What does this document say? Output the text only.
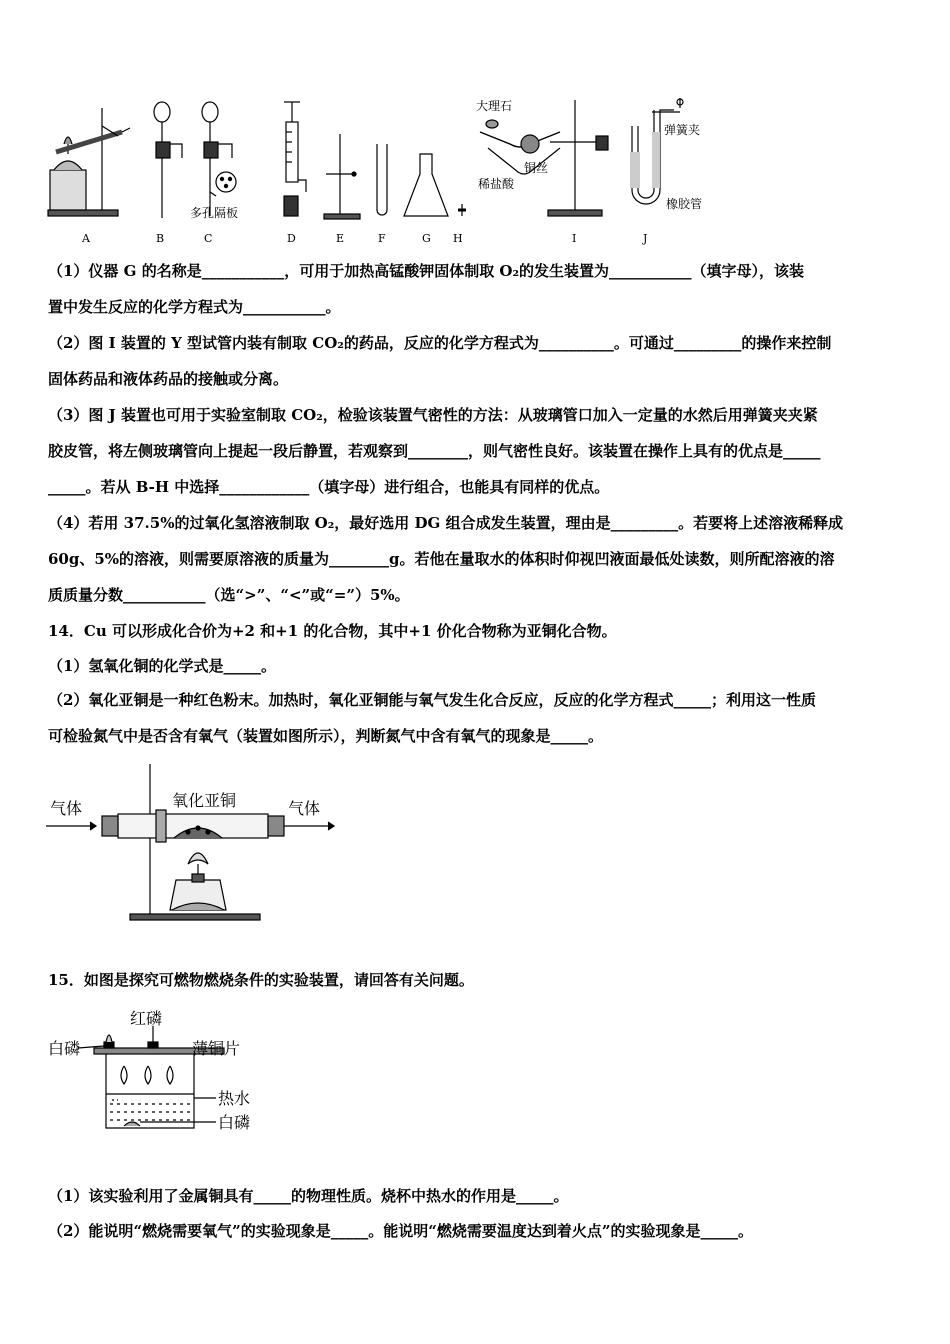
大理石
多孔隔板
铜丝
稀盐酸
弹簧夹
橡胶管
A	B	C	D	E	F	G H	I	J
（1）仪器 G 的名称是___________，可用于加热高锰酸钾固体制取 O₂的发生装置为___________（填字母），该装
置中发生反应的化学方程式为___________。
（2）图 I 装置的 Y 型试管内装有制取 CO₂的药品，反应的化学方程式为__________。可通过_________的操作来控制
固体药品和液体药品的接触或分离。
（3）图 J 装置也可用于实验室制取 CO₂，检验该装置气密性的方法：从玻璃管口加入一定量的水然后用弹簧夹夹紧
胶皮管，将左侧玻璃管向上提起一段后静置，若观察到________，则气密性良好。该装置在操作上具有的优点是_____
_____。若从 B-H 中选择____________（填字母）进行组合，也能具有同样的优点。
（4）若用 37.5%的过氧化氢溶液制取 O₂，最好选用 DG 组合成发生装置，理由是_________。若要将上述溶液稀释成
60g、5%的溶液，则需要原溶液的质量为________g。若他在量取水的体积时仰视凹液面最低处读数，则所配溶液的溶
质质量分数___________（选“>”、“<”或“=”）5%。
14．Cu 可以形成化合价为+2 和+1 的化合物，其中+1 价化合物称为亚铜化合物。
（1）氢氧化铜的化学式是_____。
（2）氧化亚铜是一种红色粉末。加热时，氧化亚铜能与氧气发生化合反应，反应的化学方程式_____；利用这一性质
可检验氮气中是否含有氧气（装置如图所示），判断氮气中含有氧气的现象是_____。
气体	气体
氧化亚铜
15．如图是探究可燃物燃烧条件的实验装置，请回答有关问题。
红磷
白磷	薄铜片
热水
白磷
（1）该实验利用了金属铜具有_____的物理性质。烧杯中热水的作用是_____。
（2）能说明“燃烧需要氧气”的实验现象是_____。能说明“燃烧需要温度达到着火点”的实验现象是_____。
